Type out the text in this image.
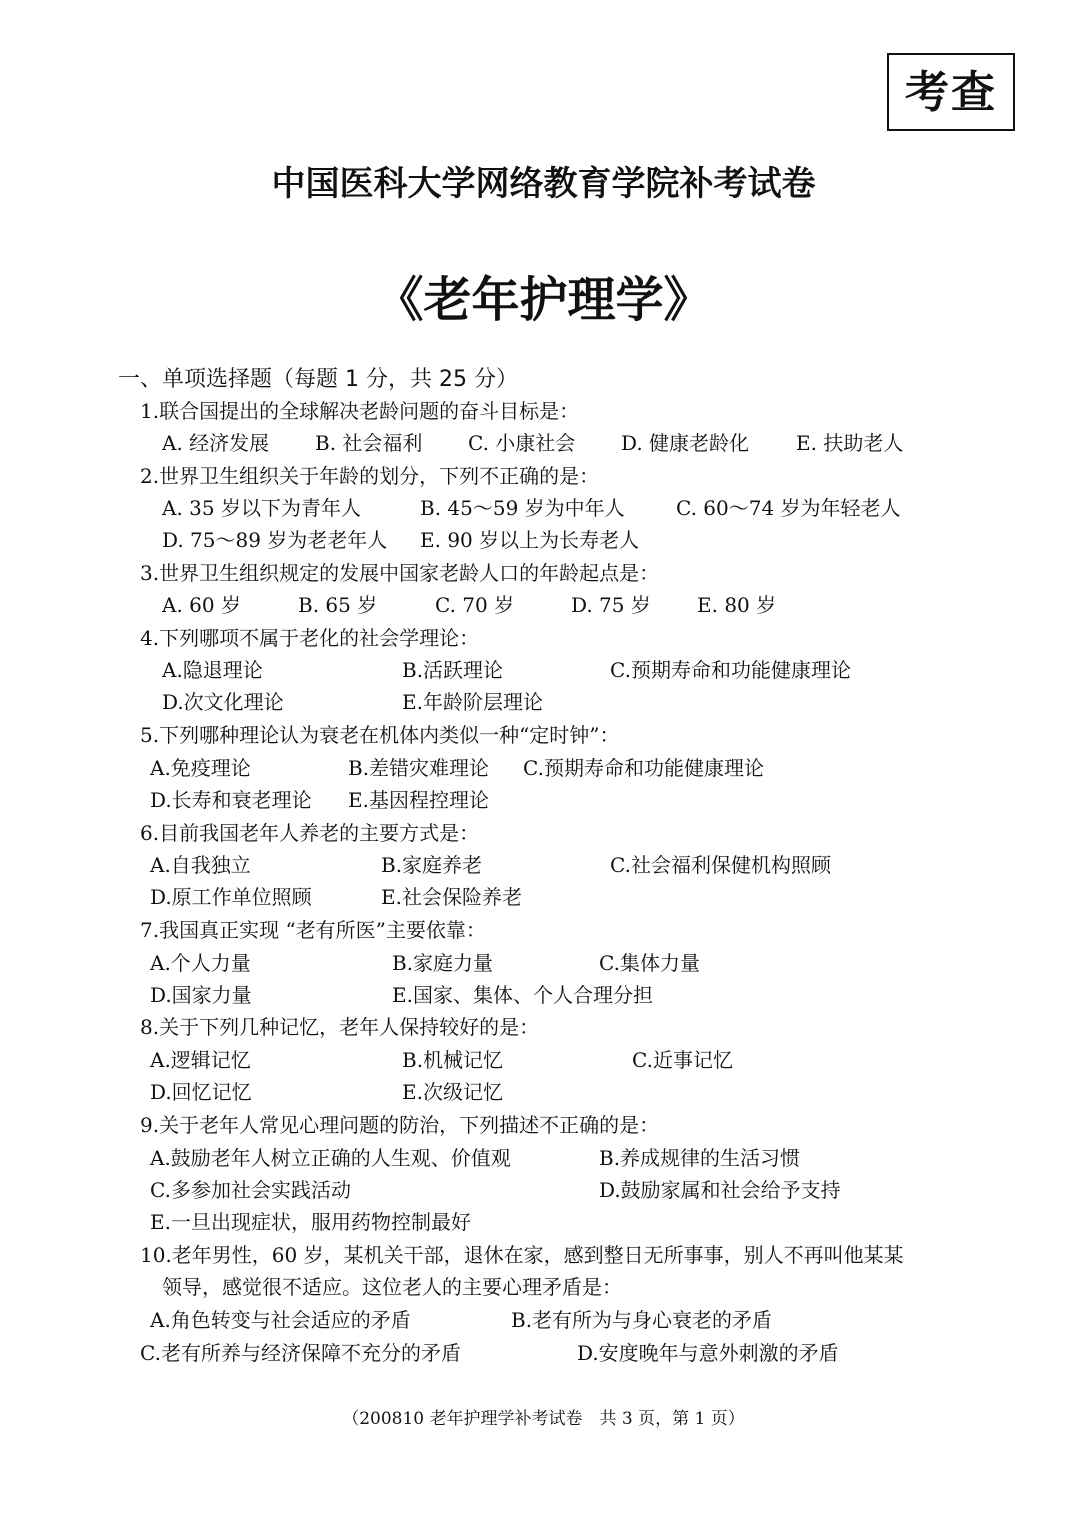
考查
中国医科大学网络教育学院补考试卷
《老年护理学》
一、单项选择题（每题 1 分，共 25 分）
1.联合国提出的全球解决老龄问题的奋斗目标是：
A. 经济发展 B. 社会福利 C. 小康社会 D. 健康老龄化 E. 扶助老人
2.世界卫生组织关于年龄的划分，下列不正确的是：
A. 35 岁以下为青年人	B. 45～59 岁为中年人	C. 60～74 岁为年轻老人
D. 75～89 岁为老老年人 E. 90 岁以上为长寿老人
3.世界卫生组织规定的发展中国家老龄人口的年龄起点是：
A. 60 岁	B. 65 岁	C. 70 岁	D. 75 岁 E. 80 岁
4.下列哪项不属于老化的社会学理论：
A.隐退理论	B.活跃理论	C.预期寿命和功能健康理论
D.次文化理论	E.年龄阶层理论
5.下列哪种理论认为衰老在机体内类似一种“定时钟”：
A.免疫理论	B.差错灾难理论 C.预期寿命和功能健康理论
D.长寿和衰老理论 E.基因程控理论
6.目前我国老年人养老的主要方式是：
A.自我独立	B.家庭养老	C.社会福利保健机构照顾
D.原工作单位照顾	E.社会保险养老
7.我国真正实现 “老有所医”主要依靠：
A.个人力量	B.家庭力量	C.集体力量
D.国家力量	E.国家、集体、个人合理分担
8.关于下列几种记忆，老年人保持较好的是：
A.逻辑记忆	B.机械记忆	C.近事记忆
D.回忆记忆	E.次级记忆
9.关于老年人常见心理问题的防治，下列描述不正确的是：
A.鼓励老年人树立正确的人生观、价值观	B.养成规律的生活习惯
C.多参加社会实践活动	D.鼓励家属和社会给予支持
E.一旦出现症状，服用药物控制最好
10.老年男性，60 岁，某机关干部，退休在家，感到整日无所事事，别人不再叫他某某
领导，感觉很不适应。这位老人的主要心理矛盾是：
A.角色转变与社会适应的矛盾	B.老有所为与身心衰老的矛盾
C.老有所养与经济保障不充分的矛盾	D.安度晚年与意外刺激的矛盾
（200810 老年护理学补考试卷　共 3 页，第 1 页）
